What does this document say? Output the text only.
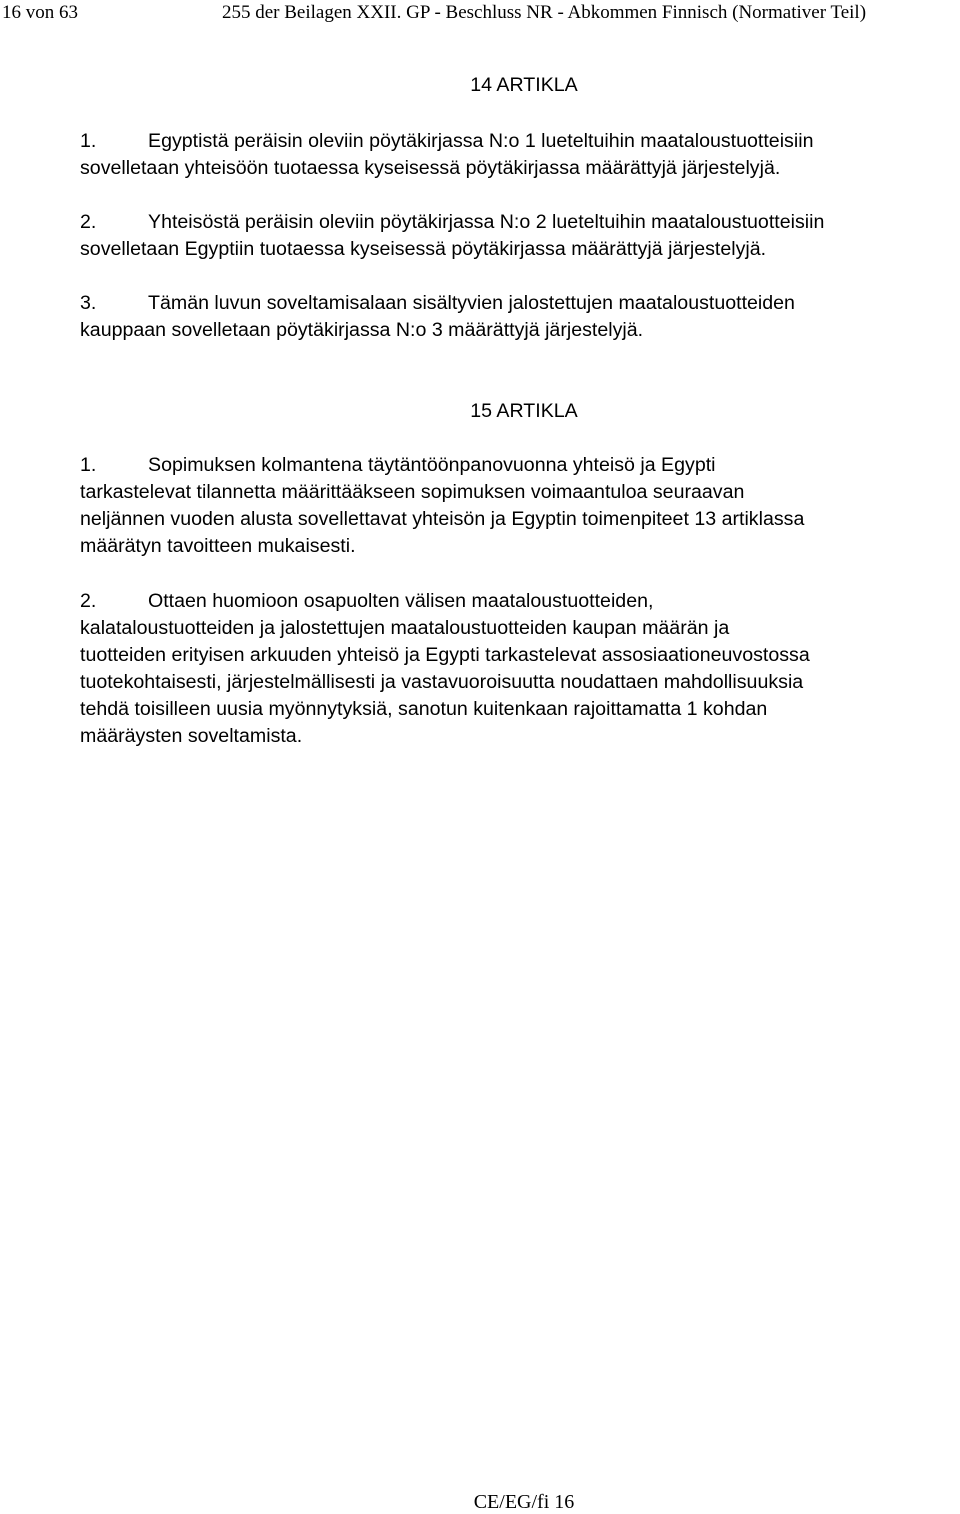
16 von 63	255 der Beilagen XXII. GP - Beschluss NR - Abkommen Finnisch (Normativer Teil)
14 ARTIKLA
1.	Egyptistä peräisin oleviin pöytäkirjassa N:o 1 lueteltuihin maataloustuotteisiin
sovelletaan yhteisöön tuotaessa kyseisessä pöytäkirjassa määrättyjä järjestelyjä.
2.	Yhteisöstä peräisin oleviin pöytäkirjassa N:o 2 lueteltuihin maataloustuotteisiin
sovelletaan Egyptiin tuotaessa kyseisessä pöytäkirjassa määrättyjä järjestelyjä.
3.	Tämän luvun soveltamisalaan sisältyvien jalostettujen maataloustuotteiden
kauppaan sovelletaan pöytäkirjassa N:o 3 määrättyjä järjestelyjä.
15 ARTIKLA
1.	Sopimuksen kolmantena täytäntöönpanovuonna yhteisö ja Egypti
tarkastelevat tilannetta määrittääkseen sopimuksen voimaantuloa seuraavan
neljännen vuoden alusta sovellettavat yhteisön ja Egyptin toimenpiteet 13 artiklassa
määrätyn tavoitteen mukaisesti.
2.	Ottaen huomioon osapuolten välisen maataloustuotteiden,
kalataloustuotteiden ja jalostettujen maataloustuotteiden kaupan määrän ja
tuotteiden erityisen arkuuden yhteisö ja Egypti tarkastelevat assosiaationeuvostossa
tuotekohtaisesti, järjestelmällisesti ja vastavuoroisuutta noudattaen mahdollisuuksia
tehdä toisilleen uusia myönnytyksiä, sanotun kuitenkaan rajoittamatta 1 kohdan
määräysten soveltamista.
CE/EG/fi 16
